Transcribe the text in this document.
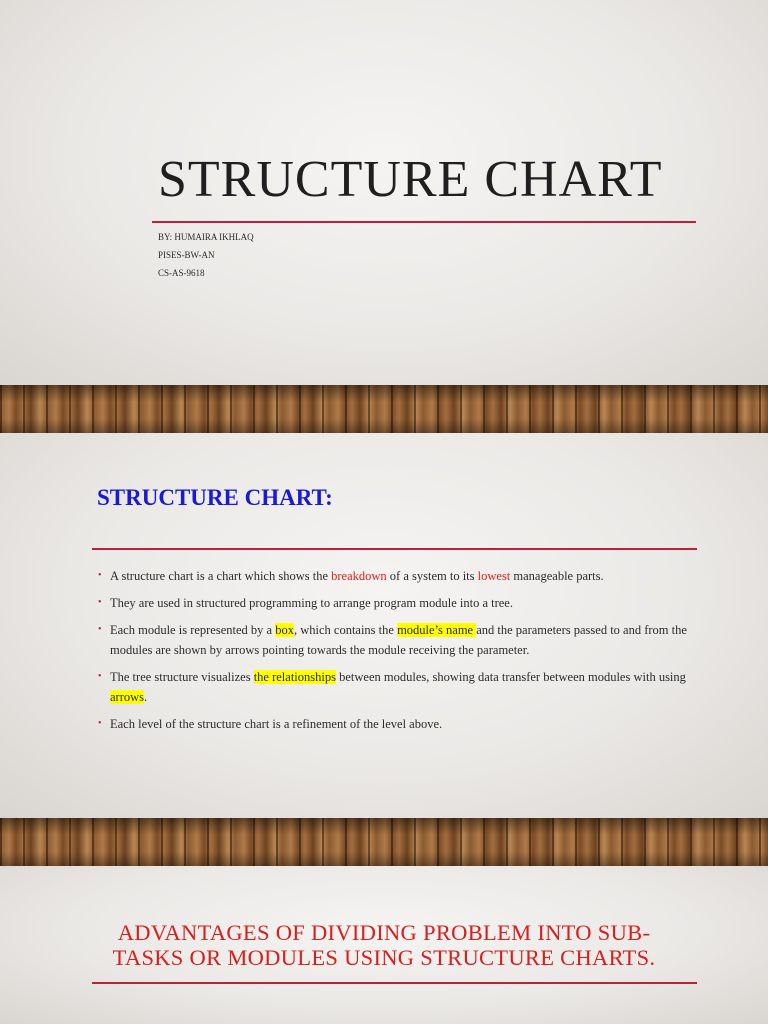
STRUCTURE CHART
BY: HUMAIRA IKHLAQ
PISES-BW-AN
CS-AS-9618
STRUCTURE CHART:
• A structure chart is a chart which shows the breakdown of a system to its lowest manageable parts.
• They are used in structured programming to arrange program module into a tree.
• Each module is represented by a box, which contains the module’s name and the parameters passed to and from the modules are shown by arrows pointing towards the module receiving the parameter.
• The tree structure visualizes the relationships between modules, showing data transfer between modules with using arrows.
• Each level of the structure chart is a refinement of the level above.
ADVANTAGES OF DIVIDING PROBLEM INTO SUB-
TASKS OR MODULES USING STRUCTURE CHARTS.
